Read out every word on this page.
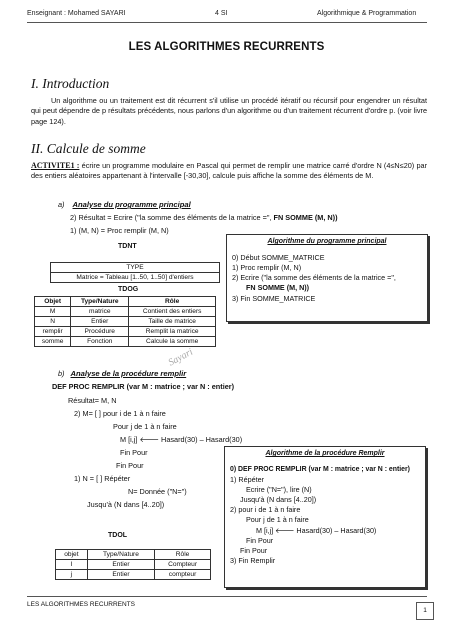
Enseignant : Mohamed SAYARI	4 SI	Algorithmique & Programmation
LES ALGORITHMES RECURRENTS
I. Introduction
Un algorithme ou un traitement est dit récurrent s'il utilise un procédé itératif ou récursif pour engendrer un résultat qui peut dépendre de p résultats précédents, nous parlons d'un algorithme ou d'un traitement récurrent d'ordre p. (voir livre page 124).
II. Calcule de somme
ACTIVITE1 : écrire un programme modulaire en Pascal qui permet de remplir une matrice carré d'ordre N (4≤N≤20) par des entiers aléatoires appartenant à l'intervalle [-30,30], calcule puis affiche la somme des éléments de M.
a) Analyse du programme principal
2) Résultat = Ecrire ("la somme des éléments de la matrice =", FN SOMME (M, N))
1) (M, N) = Proc remplir (M, N)
TDNT
TYPE
Matrice = Tableau [1..50, 1..50] d'entiers
TDOG
Objet	Type/Nature	Rôle
M	matrice	Contient des entiers
N	Entier	Taille de matrice
remplir	Procédure	Remplit la matrice
somme	Fonction	Calcule la somme
Algorithme du programme principal
0) Début SOMME_MATRICE
1) Proc remplir (M, N)
2) Ecrire ("la somme des éléments de la matrice =",
FN SOMME (M, N))
3) Fin SOMME_MATRICE
Sayari
b) Analyse de la procédure remplir
DEF PROC REMPLIR (var M : matrice ; var N : entier)
Résultat= M, N
2) M= [ ] pour i de 1 à n faire
Pour j de 1 à n faire
M [i,j] 🡐 Hasard(30) – Hasard(30)
Fin Pour
Fin Pour
1) N = [ ] Répéter
N= Donnée ("N=")
Jusqu'à (N dans [4..20])
TDOL
objet	Type/Nature	Rôle
I	Entier	Compteur
j	Entier	compteur
Algorithme de la procédure Remplir
0) DEF PROC REMPLIR (var M : matrice ; var N : entier)
1) Répéter
Ecrire ("N="), lire (N)
Jusqu'à (N dans [4..20])
2) pour i de 1 à n faire
Pour j de 1 à n faire
M [i,j] 🡐 Hasard(30) – Hasard(30)
Fin Pour
Fin Pour
3) Fin Remplir
LES ALGORITHMES RECURRENTS
1
